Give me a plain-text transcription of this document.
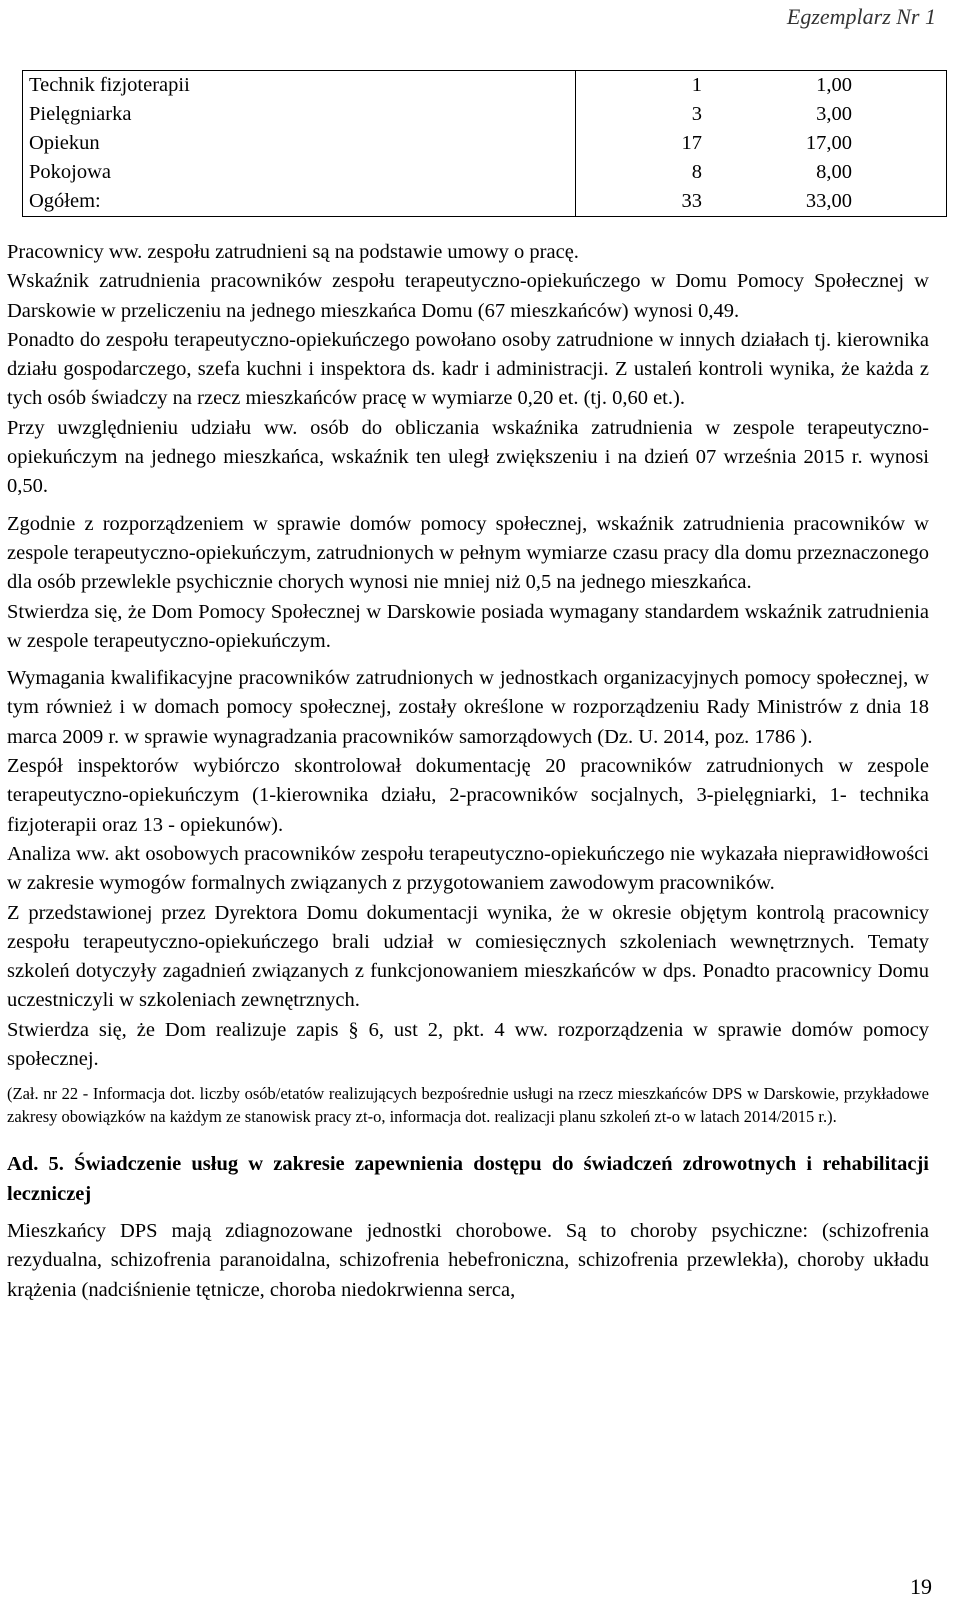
Egzemplarz Nr 1
Technik fizjoterapii	1	1,00
Pielęgniarka	3	3,00
Opiekun	17	17,00
Pokojowa	8	8,00
Ogółem:	33	33,00

Pracownicy ww. zespołu zatrudnieni są na podstawie umowy o pracę.

Wskaźnik zatrudnienia pracowników zespołu terapeutyczno-opiekuńczego w Domu Pomocy Społecznej w Darskowie w przeliczeniu na jednego mieszkańca Domu (67 mieszkańców) wynosi 0,49.

Ponadto do zespołu terapeutyczno-opiekuńczego powołano osoby zatrudnione w innych działach tj. kierownika działu gospodarczego, szefa kuchni i inspektora ds. kadr i administracji. Z ustaleń kontroli wynika, że każda z tych osób świadczy na rzecz mieszkańców pracę w wymiarze 0,20 et. (tj. 0,60 et.).

Przy uwzględnieniu udziału ww. osób do obliczania wskaźnika zatrudnienia w zespole terapeutyczno-opiekuńczym na jednego mieszkańca, wskaźnik ten uległ zwiększeniu i na dzień 07 września 2015 r. wynosi 0,50.

Zgodnie z rozporządzeniem w sprawie domów pomocy społecznej, wskaźnik zatrudnienia pracowników w zespole terapeutyczno-opiekuńczym, zatrudnionych w pełnym wymiarze czasu pracy dla domu przeznaczonego dla osób przewlekle psychicznie chorych wynosi nie mniej niż 0,5 na jednego mieszkańca.

Stwierdza się, że Dom Pomocy Społecznej w Darskowie posiada wymagany standardem wskaźnik zatrudnienia w zespole terapeutyczno-opiekuńczym.

Wymagania kwalifikacyjne pracowników zatrudnionych w jednostkach organizacyjnych pomocy społecznej, w tym również i w domach pomocy społecznej, zostały określone w rozporządzeniu Rady Ministrów z dnia 18 marca 2009 r. w sprawie wynagradzania pracowników samorządowych (Dz. U. 2014, poz. 1786 ).

Zespół inspektorów wybiórczo skontrolował dokumentację 20 pracowników zatrudnionych w zespole terapeutyczno-opiekuńczym (1-kierownika działu, 2-pracowników socjalnych, 3-pielęgniarki, 1- technika fizjoterapii oraz 13 - opiekunów).

Analiza ww. akt osobowych pracowników zespołu terapeutyczno-opiekuńczego nie wykazała nieprawidłowości w zakresie wymogów formalnych związanych z przygotowaniem zawodowym pracowników.

Z przedstawionej przez Dyrektora Domu dokumentacji wynika, że w okresie objętym kontrolą pracownicy zespołu terapeutyczno-opiekuńczego brali udział w comiesięcznych szkoleniach wewnętrznych. Tematy szkoleń dotyczyły zagadnień związanych z funkcjonowaniem mieszkańców w dps. Ponadto pracownicy Domu uczestniczyli w szkoleniach zewnętrznych.

Stwierdza się, że Dom realizuje zapis § 6, ust 2, pkt. 4 ww. rozporządzenia w sprawie domów pomocy społecznej.

(Zał. nr 22 - Informacja dot. liczby osób/etatów realizujących bezpośrednie usługi na rzecz mieszkańców DPS w Darskowie, przykładowe zakresy obowiązków na każdym ze stanowisk pracy zt-o, informacja dot. realizacji planu szkoleń zt-o w latach 2014/2015 r.).

Ad. 5. Świadczenie usług w zakresie zapewnienia dostępu do świadczeń zdrowotnych i rehabilitacji leczniczej

Mieszkańcy DPS mają zdiagnozowane jednostki chorobowe. Są to choroby psychiczne: (schizofrenia rezydualna, schizofrenia paranoidalna, schizofrenia hebefroniczna, schizofrenia przewlekła), choroby układu krążenia (nadciśnienie tętnicze, choroba niedokrwienna serca,

19
